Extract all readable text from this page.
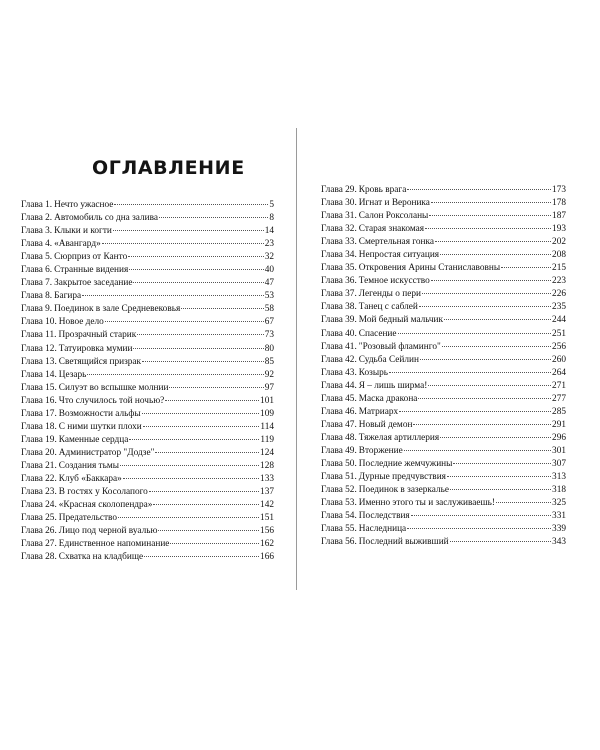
ОГЛАВЛЕНИЕ
Глава 1. Нечто ужасное	5
Глава 2. Автомобиль со дна залива	8
Глава 3. Клыки и когти	14
Глава 4. «Авангард»	23
Глава 5. Сюрприз от Канто	32
Глава 6. Странные видения	40
Глава 7. Закрытое заседание	47
Глава 8. Багира	53
Глава 9. Поединок в зале Средневековья	58
Глава 10. Новое дело	67
Глава 11. Прозрачный старик	73
Глава 12. Татуировка мумии	80
Глава 13. Светящийся призрак	85
Глава 14. Цезарь	92
Глава 15. Силуэт во вспышке молнии	97
Глава 16. Что случилось той ночью?	101
Глава 17. Возможности альфы	109
Глава 18. С ними шутки плохи	114
Глава 19. Каменные сердца	119
Глава 20. Администратор "Додзе"	124
Глава 21. Создания тьмы	128
Глава 22. Клуб «Баккара»	133
Глава 23. В гостях у Косолапого	137
Глава 24. «Красная сколопендра»	142
Глава 25. Предательство	151
Глава 26. Лицо под черной вуалью	156
Глава 27. Единственное напоминание	162
Глава 28. Схватка на кладбище	166
Глава 29. Кровь врага	173
Глава 30. Игнат и Вероника	178
Глава 31. Салон Роксоланы	187
Глава 32. Старая знакомая	193
Глава 33. Смертельная гонка	202
Глава 34. Непростая ситуация	208
Глава 35. Откровения Арины Станиславовны	215
Глава 36. Темное искусство	223
Глава 37. Легенды о пери	226
Глава 38. Танец с саблей	235
Глава 39. Мой бедный мальчик	244
Глава 40. Спасение	251
Глава 41. "Розовый фламинго"	256
Глава 42. Судьба Сейлин	260
Глава 43. Козырь	264
Глава 44. Я – лишь ширма!	271
Глава 45. Маска дракона	277
Глава 46. Матриарх	285
Глава 47. Новый демон	291
Глава 48. Тяжелая артиллерия	296
Глава 49. Вторжение	301
Глава 50. Последние жемчужины	307
Глава 51. Дурные предчувствия	313
Глава 52. Поединок в зазеркалье	318
Глава 53. Именно этого ты и заслуживаешь!	325
Глава 54. Последствия	331
Глава 55. Наследница	339
Глава 56. Последний выживший	343
